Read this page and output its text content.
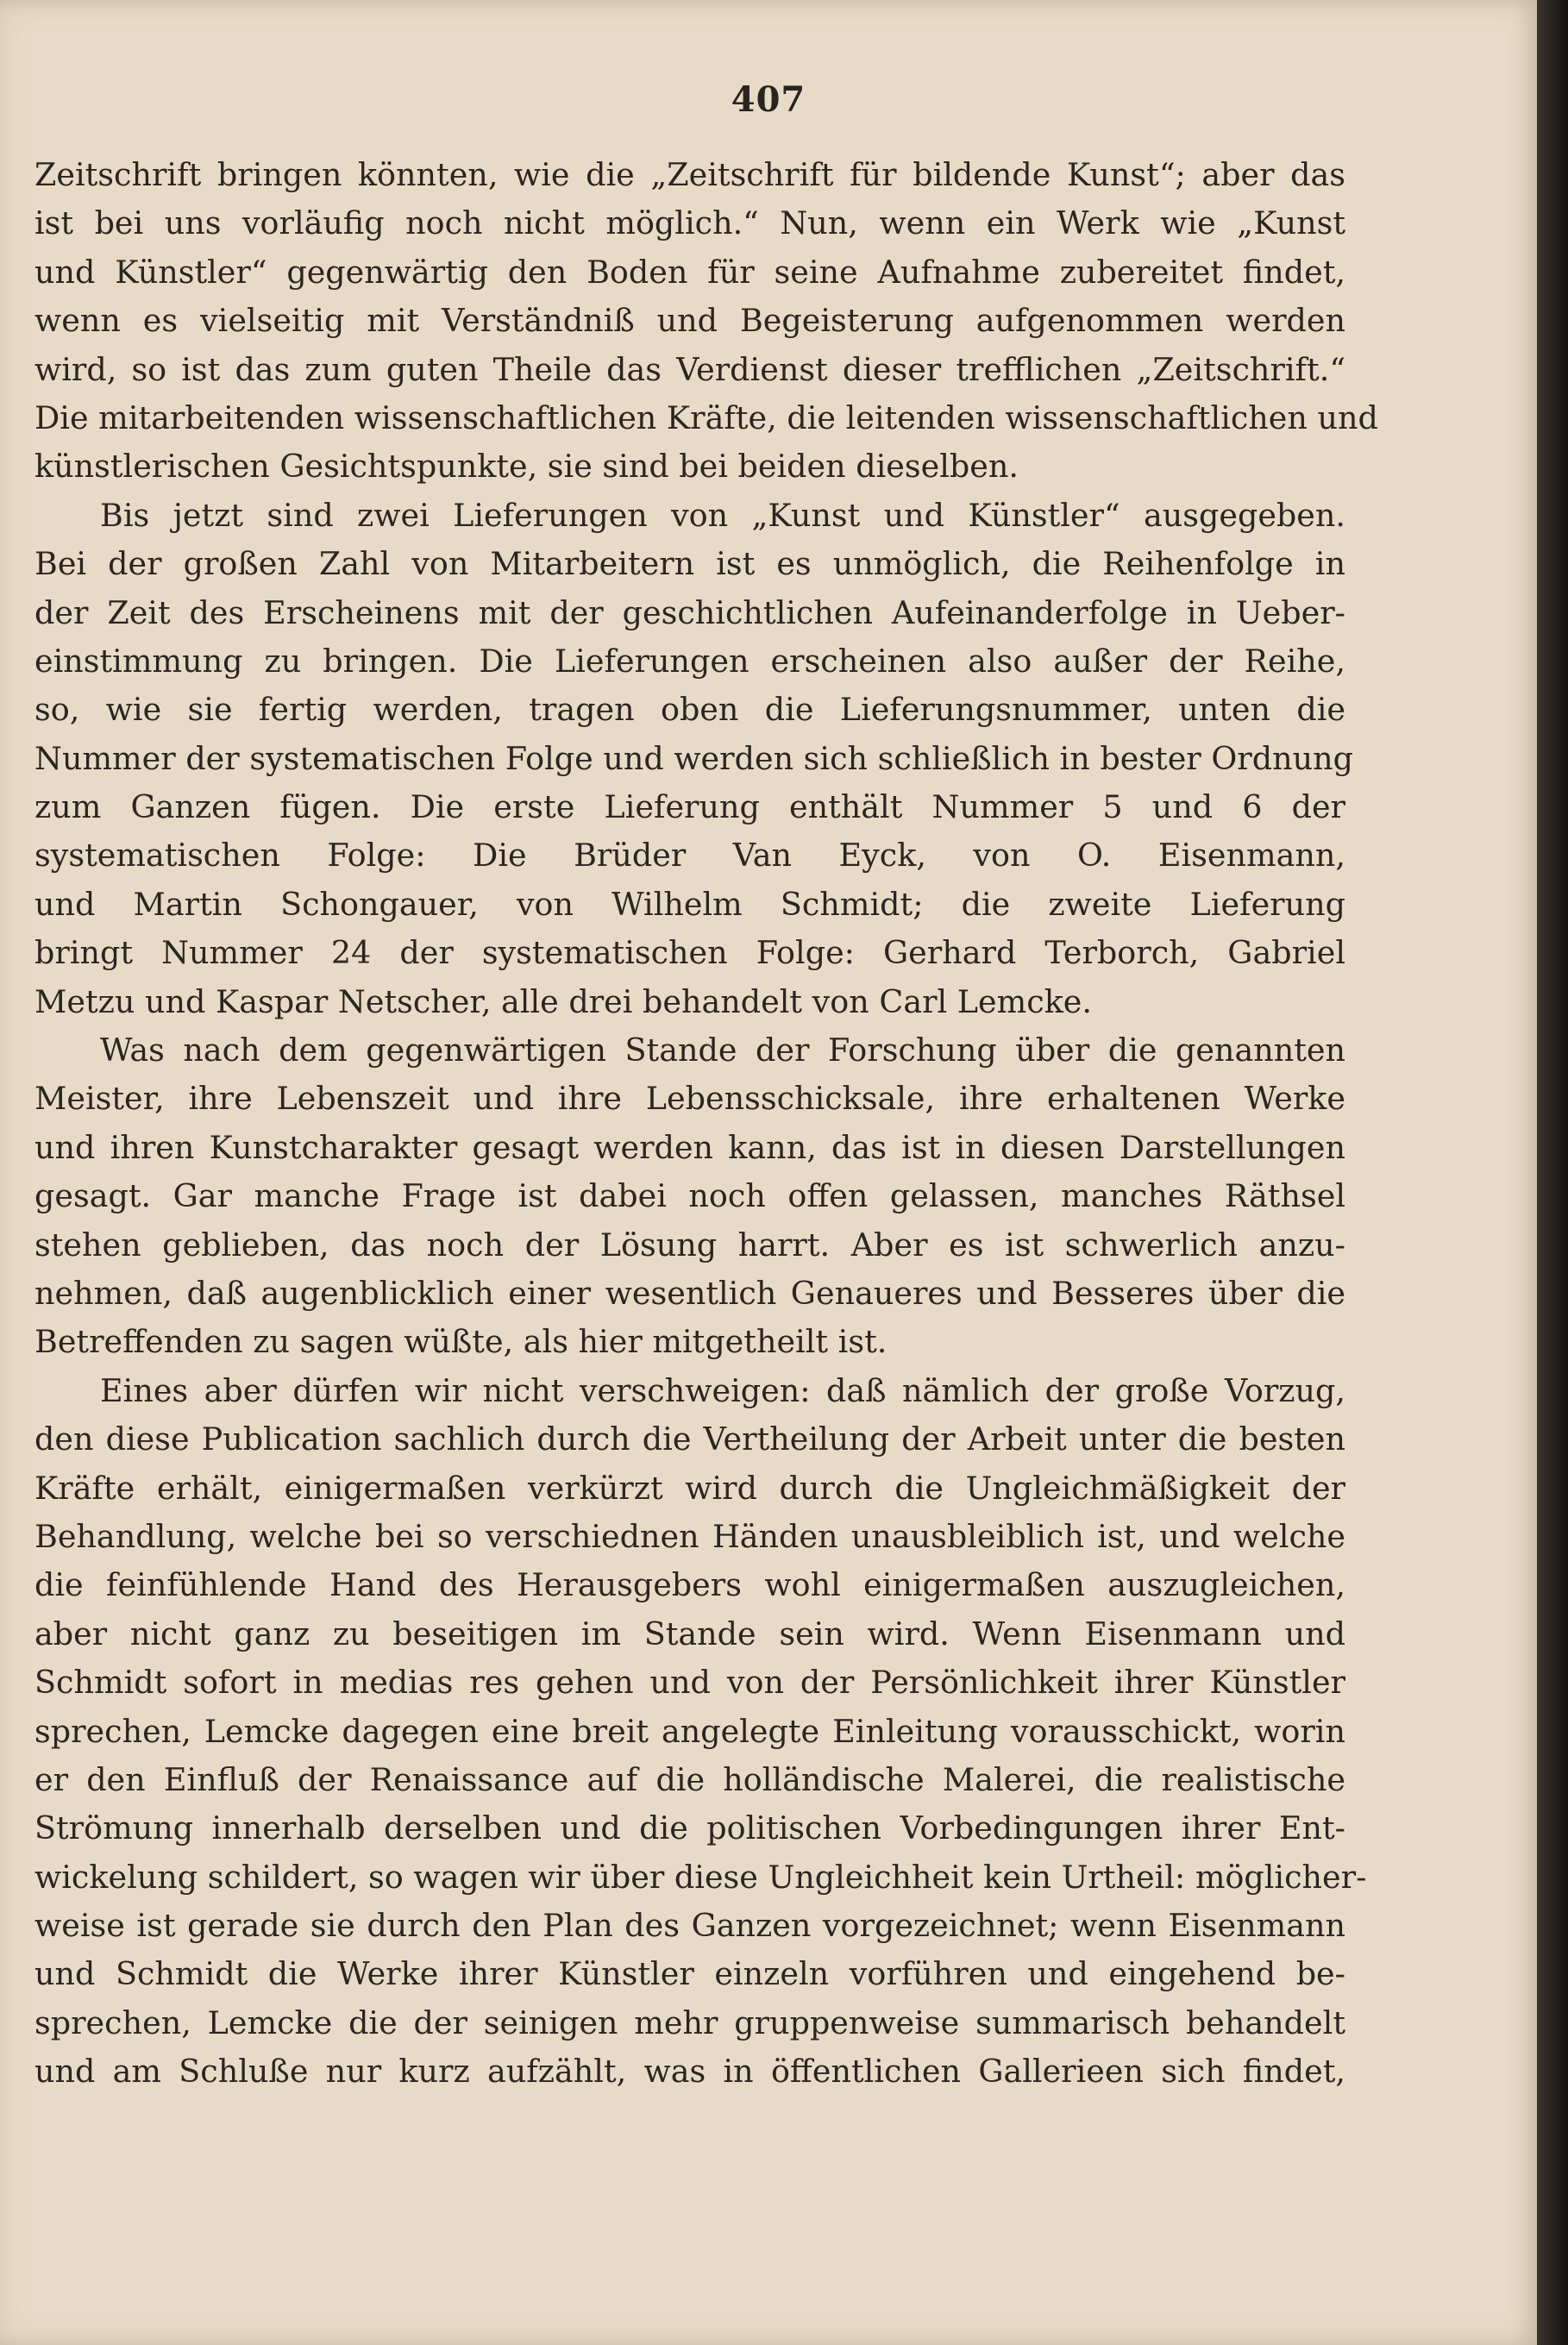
407
Zeitschrift bringen könnten, wie die „Zeitschrift für bildende Kunst“; aber das
ist bei uns vorläufig noch nicht möglich.“ Nun, wenn ein Werk wie „Kunst
und Künstler“ gegenwärtig den Boden für seine Aufnahme zubereitet findet,
wenn es vielseitig mit Verständniß und Begeisterung aufgenommen werden
wird, so ist das zum guten Theile das Verdienst dieser trefflichen „Zeitschrift.“
Die mitarbeitenden wissenschaftlichen Kräfte, die leitenden wissenschaftlichen und
künstlerischen Gesichtspunkte, sie sind bei beiden dieselben.
Bis jetzt sind zwei Lieferungen von „Kunst und Künstler“ ausgegeben.
Bei der großen Zahl von Mitarbeitern ist es unmöglich, die Reihenfolge in
der Zeit des Erscheinens mit der geschichtlichen Aufeinanderfolge in Ueber-
einstimmung zu bringen. Die Lieferungen erscheinen also außer der Reihe,
so, wie sie fertig werden, tragen oben die Lieferungsnummer, unten die
Nummer der systematischen Folge und werden sich schließlich in bester Ordnung
zum Ganzen fügen. Die erste Lieferung enthält Nummer 5 und 6 der
systematischen Folge: Die Brüder Van Eyck, von O. Eisenmann,
und Martin Schongauer, von Wilhelm Schmidt; die zweite Lieferung
bringt Nummer 24 der systematischen Folge: Gerhard Terborch, Gabriel
Metzu und Kaspar Netscher, alle drei behandelt von Carl Lemcke.
Was nach dem gegenwärtigen Stande der Forschung über die genannten
Meister, ihre Lebenszeit und ihre Lebensschicksale, ihre erhaltenen Werke
und ihren Kunstcharakter gesagt werden kann, das ist in diesen Darstellungen
gesagt. Gar manche Frage ist dabei noch offen gelassen, manches Räthsel
stehen geblieben, das noch der Lösung harrt. Aber es ist schwerlich anzu-
nehmen, daß augenblicklich einer wesentlich Genaueres und Besseres über die
Betreffenden zu sagen wüßte, als hier mitgetheilt ist.
Eines aber dürfen wir nicht verschweigen: daß nämlich der große Vorzug,
den diese Publication sachlich durch die Vertheilung der Arbeit unter die besten
Kräfte erhält, einigermaßen verkürzt wird durch die Ungleichmäßigkeit der
Behandlung, welche bei so verschiednen Händen unausbleiblich ist, und welche
die feinfühlende Hand des Herausgebers wohl einigermaßen auszugleichen,
aber nicht ganz zu beseitigen im Stande sein wird. Wenn Eisenmann und
Schmidt sofort in medias res gehen und von der Persönlichkeit ihrer Künstler
sprechen, Lemcke dagegen eine breit angelegte Einleitung vorausschickt, worin
er den Einfluß der Renaissance auf die holländische Malerei, die realistische
Strömung innerhalb derselben und die politischen Vorbedingungen ihrer Ent-
wickelung schildert, so wagen wir über diese Ungleichheit kein Urtheil: möglicher-
weise ist gerade sie durch den Plan des Ganzen vorgezeichnet; wenn Eisenmann
und Schmidt die Werke ihrer Künstler einzeln vorführen und eingehend be-
sprechen, Lemcke die der seinigen mehr gruppenweise summarisch behandelt
und am Schluße nur kurz aufzählt, was in öffentlichen Gallerieen sich findet,
